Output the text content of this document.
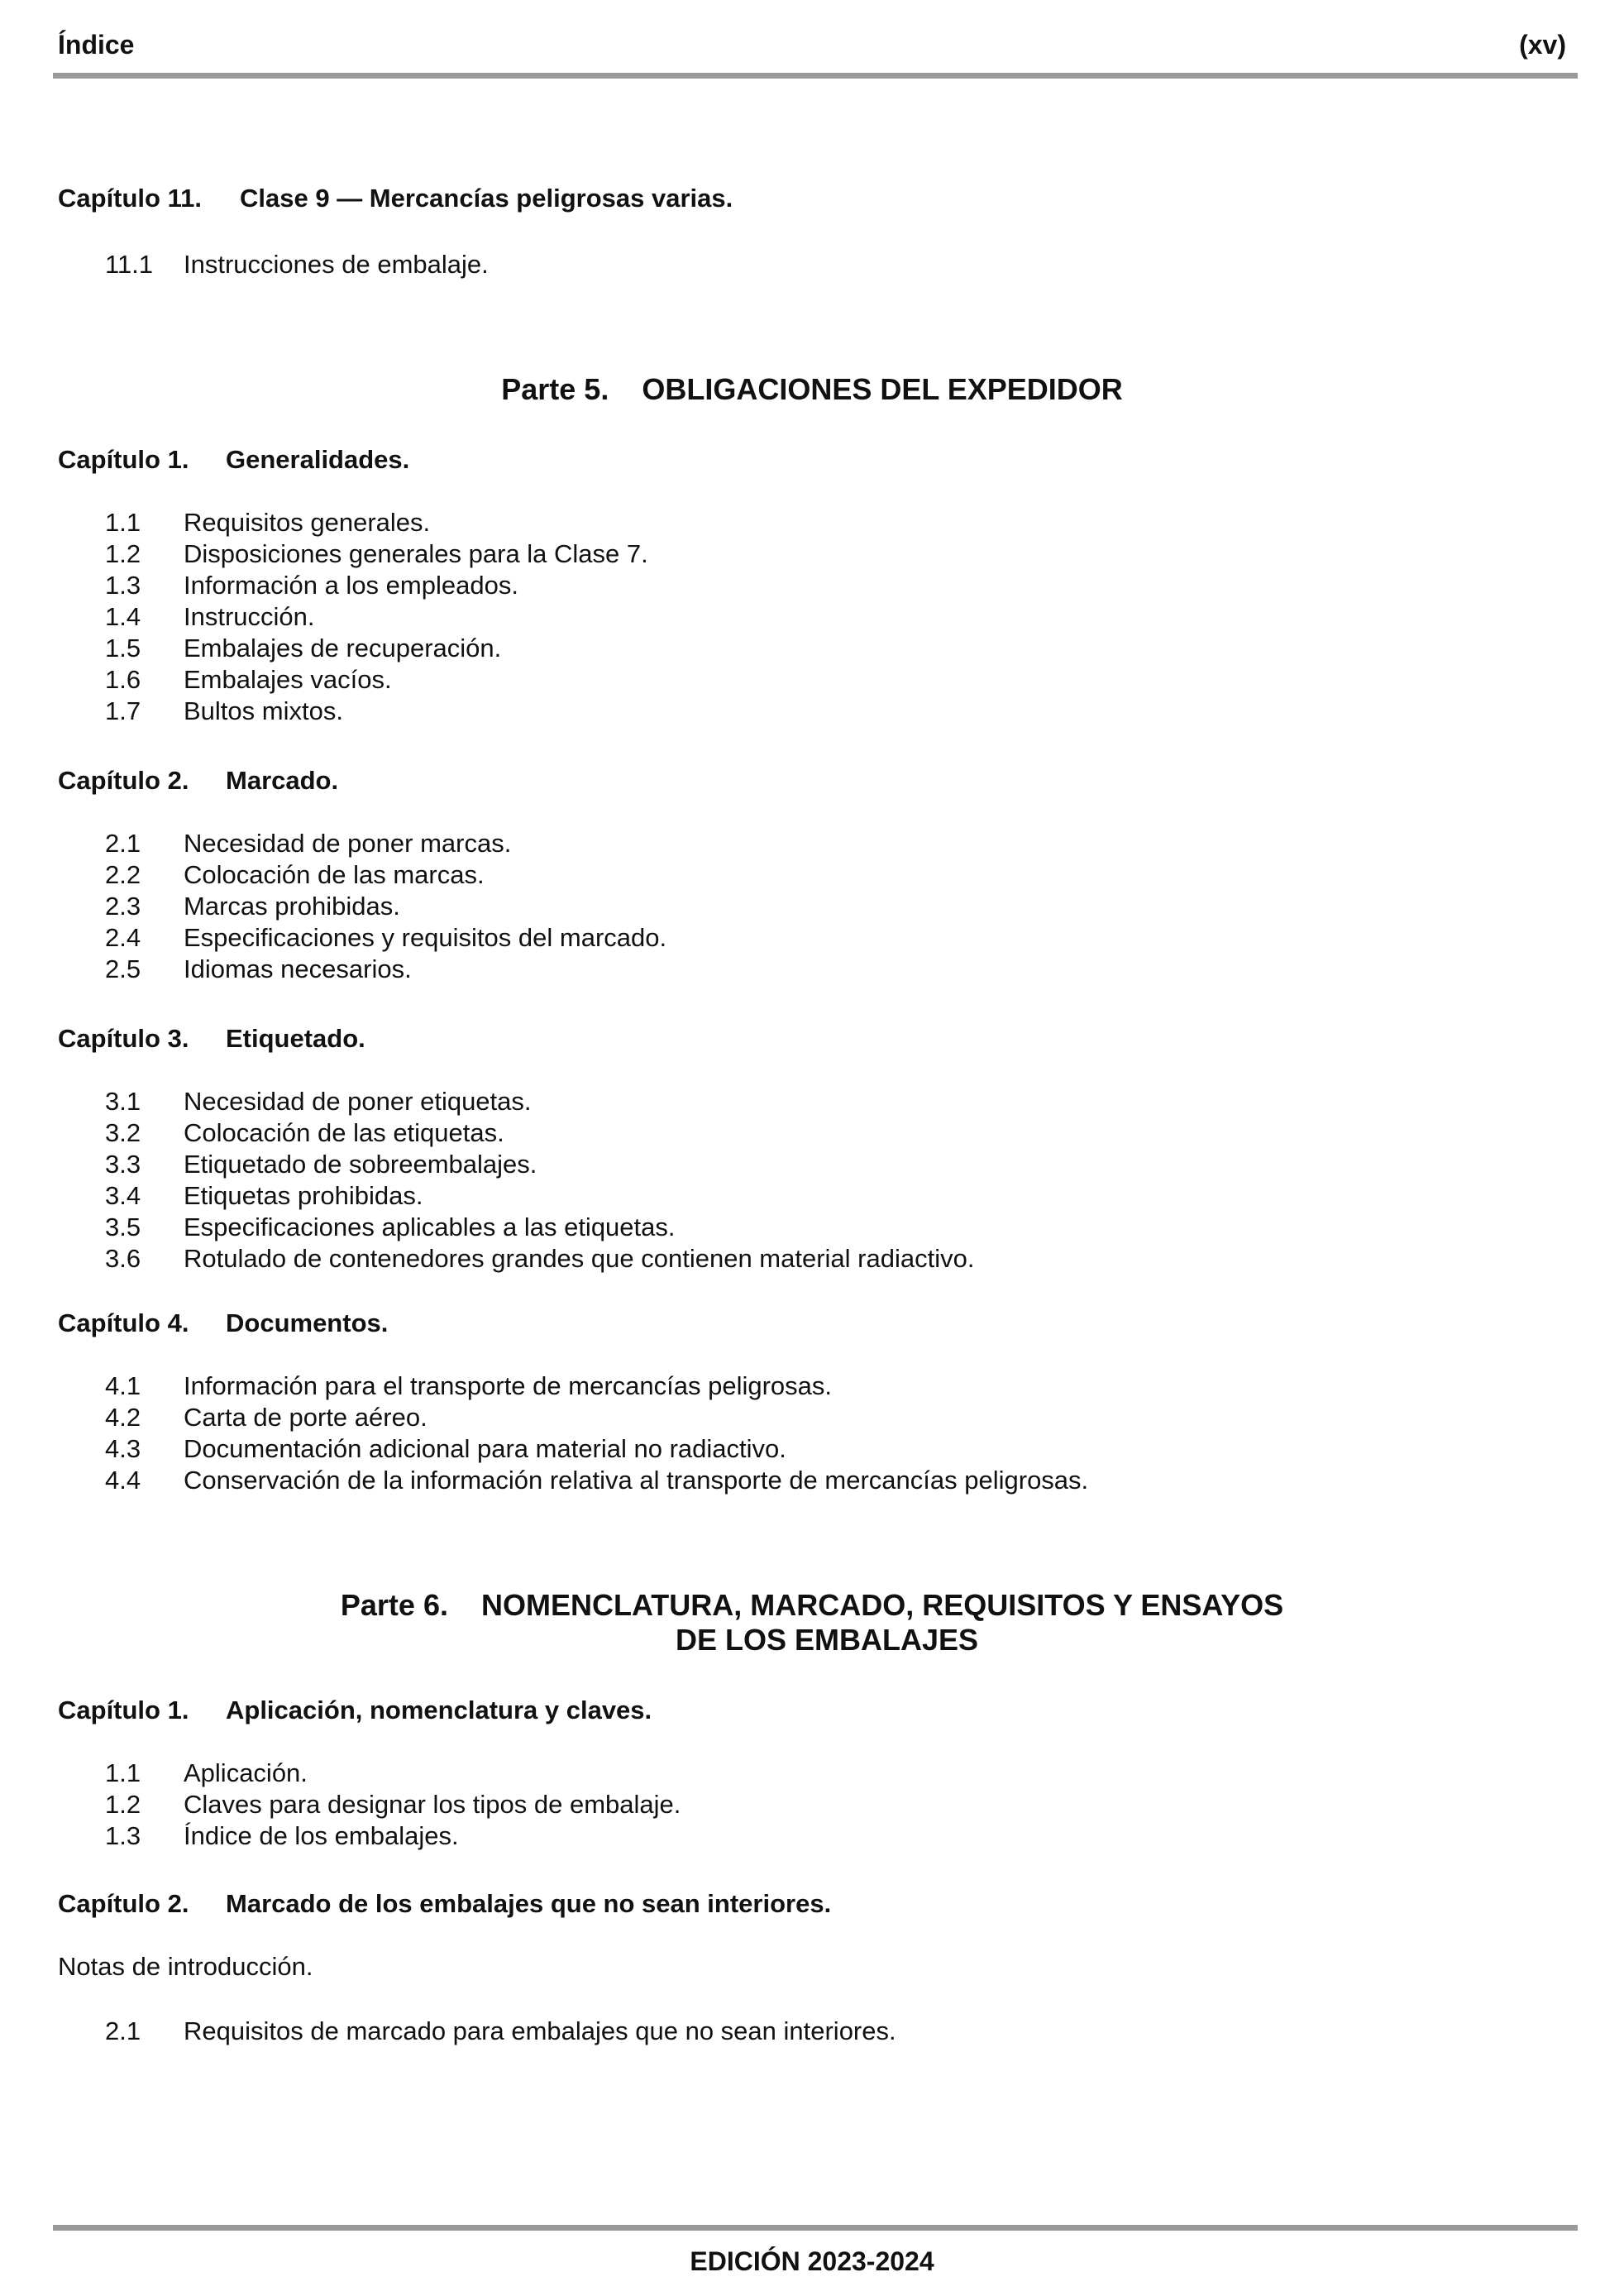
Índice	(xv)
Capítulo 11. Clase 9 — Mercancías peligrosas varias.
11.1 Instrucciones de embalaje.
Parte 5. OBLIGACIONES DEL EXPEDIDOR
Capítulo 1. Generalidades.
1.1 Requisitos generales.
1.2 Disposiciones generales para la Clase 7.
1.3 Información a los empleados.
1.4 Instrucción.
1.5 Embalajes de recuperación.
1.6 Embalajes vacíos.
1.7 Bultos mixtos.
Capítulo 2. Marcado.
2.1 Necesidad de poner marcas.
2.2 Colocación de las marcas.
2.3 Marcas prohibidas.
2.4 Especificaciones y requisitos del marcado.
2.5 Idiomas necesarios.
Capítulo 3. Etiquetado.
3.1 Necesidad de poner etiquetas.
3.2 Colocación de las etiquetas.
3.3 Etiquetado de sobreembalajes.
3.4 Etiquetas prohibidas.
3.5 Especificaciones aplicables a las etiquetas.
3.6 Rotulado de contenedores grandes que contienen material radiactivo.
Capítulo 4. Documentos.
4.1 Información para el transporte de mercancías peligrosas.
4.2 Carta de porte aéreo.
4.3 Documentación adicional para material no radiactivo.
4.4 Conservación de la información relativa al transporte de mercancías peligrosas.
Parte 6. NOMENCLATURA, MARCADO, REQUISITOS Y ENSAYOS
DE LOS EMBALAJES
Capítulo 1. Aplicación, nomenclatura y claves.
1.1 Aplicación.
1.2 Claves para designar los tipos de embalaje.
1.3 Índice de los embalajes.
Capítulo 2. Marcado de los embalajes que no sean interiores.
Notas de introducción.
2.1 Requisitos de marcado para embalajes que no sean interiores.
EDICIÓN 2023-2024
